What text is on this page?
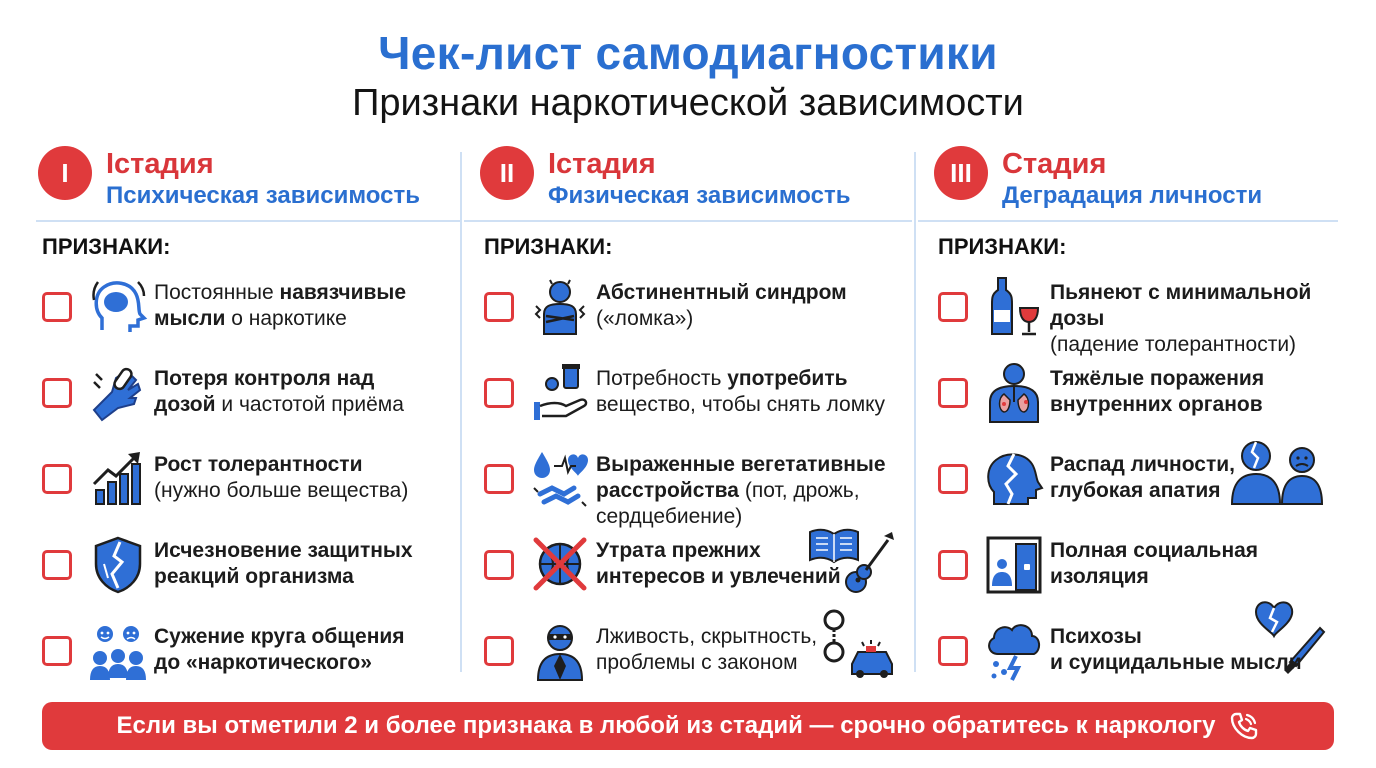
Чек-лист самодиагностики
Признаки наркотической зависимости
I	Iстадия
Психическая зависимость
ПРИЗНАКИ:
Постоянные навязчивые
мысли о наркотике
Потеря контроля над
дозой и частотой приёма
Рост толерантности
(нужно больше вещества)
Исчезновение защитных
реакций организма
Сужение круга общения
до «наркотического»
II	Iстадия
Физическая зависимость
ПРИЗНАКИ:
Абстинентный синдром
(«ломка»)
Потребность употребить
вещество, чтобы снять ломку
Выраженные вегетативные
расстройства (пот, дрожь,
сердцебиение)
Утрата прежних
интересов и увлечений
Лживость, скрытность,
проблемы с законом
III	Стадия
Деградация личности
ПРИЗНАКИ:
Пьянеют с минимальной дозы
(падение толерантности)
Тяжёлые поражения
внутренних органов
Распад личности,
глубокая апатия
Полная социальная
изоляция
Психозы
и суицидальные мысли
Если вы отметили 2 и более признака в любой из стадий — срочно обратитесь к наркологу
